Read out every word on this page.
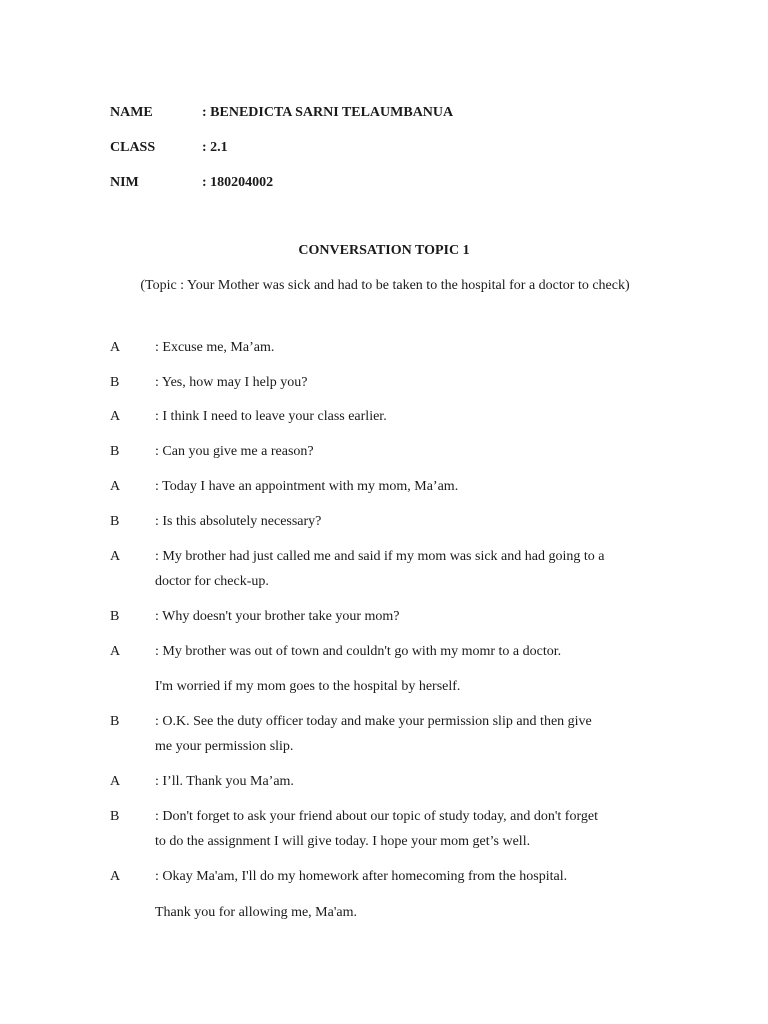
NAME	: BENEDICTA SARNI TELAUMBANUA
CLASS	: 2.1
NIM	: 180204002
CONVERSATION TOPIC 1
(Topic : Your Mother was sick and had to be taken to the hospital for a doctor to check)
A : Excuse me, Ma’am.
B	: Yes, how may I help you?
A : I think I need to leave your class earlier.
B	: Can you give me a reason?
A : Today I have an appointment with my mom, Ma’am.
B	: Is this absolutely necessary?
A : My brother had just called me and said if my mom was sick and had going to a
doctor for check-up.
B	: Why doesn't your brother take your mom?
A : My brother was out of town and couldn't go with my momr to a doctor.
I'm worried if my mom goes to the hospital by herself.
B	: O.K. See the duty officer today and make your permission slip and then give
me your permission slip.
A : I’ll. Thank you Ma’am.
B	: Don't forget to ask your friend about our topic of study today, and don't forget
to do the assignment I will give today. I hope your mom get’s well.
A : Okay Ma'am, I'll do my homework after homecoming from the hospital.
Thank you for allowing me, Ma'am.
